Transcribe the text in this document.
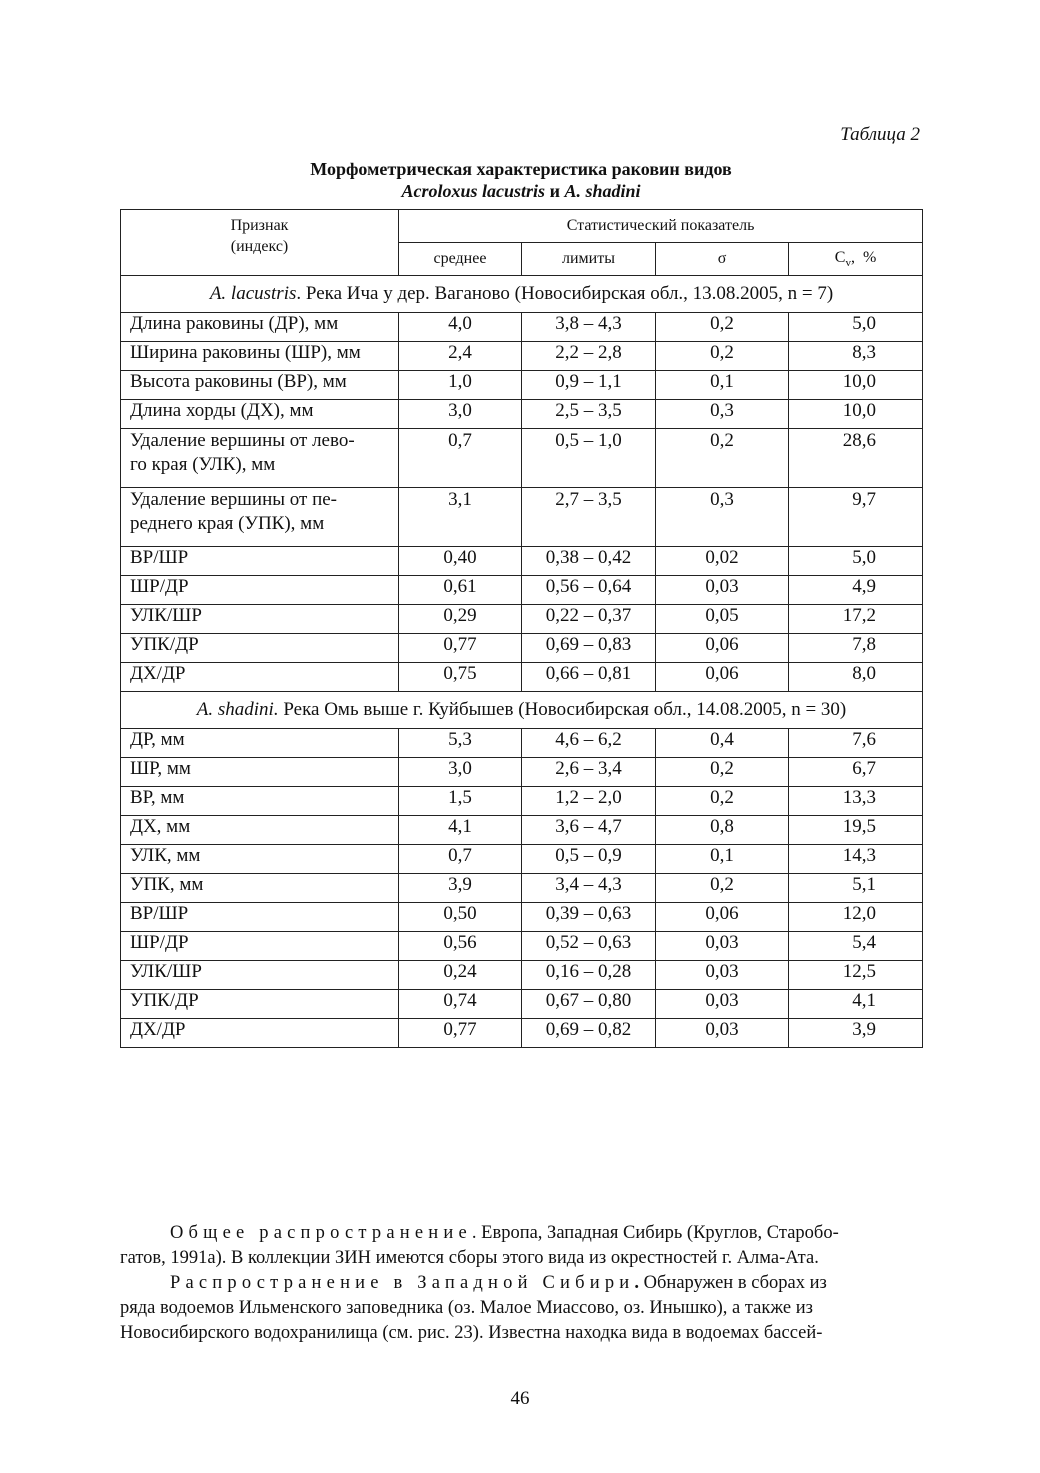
Таблица 2
Морфометрическая характеристика раковин видов
Acroloxus lacustris и A. shadini
Признак
(индекс)	Статистический показатель			
	среднее	лимиты	σ	$C_v$,  %
A. lacustris. Река Ича у дер. Ваганово (Новосибирская обл., 13.08.2005, n = 7)				
Длина раковины (ДР), мм	4,0	3,8 – 4,3	0,2	5,0
Ширина раковины (ШР), мм	2,4	2,2 – 2,8	0,2	8,3
Высота раковины (ВР), мм	1,0	0,9 – 1,1	0,1	10,0
Длина хорды (ДХ), мм	3,0	2,5 – 3,5	0,3	10,0

Удаление вершины от лево-
го края (УЛК), мм	0,7	0,5 – 1,0	0,2	28,6

Удаление вершины от пе-
реднего края (УПК), мм	3,1	2,7 – 3,5	0,3	9,7
ВР/ШР	0,40	0,38 – 0,42	0,02	5,0
ШР/ДР	0,61	0,56 – 0,64	0,03	4,9
УЛК/ШР	0,29	0,22 – 0,37	0,05	17,2
УПК/ДР	0,77	0,69 – 0,83	0,06	7,8
ДХ/ДР	0,75	0,66 – 0,81	0,06	8,0
A. shadini. Река Омь выше г. Куйбышев (Новосибирская обл., 14.08.2005, n = 30)				
ДР, мм	5,3	4,6 – 6,2	0,4	7,6
ШР, мм	3,0	2,6 – 3,4	0,2	6,7
ВР, мм	1,5	1,2 – 2,0	0,2	13,3
ДХ, мм	4,1	3,6 – 4,7	0,8	19,5
УЛК, мм	0,7	0,5 – 0,9	0,1	14,3
УПК, мм	3,9	3,4 – 4,3	0,2	5,1
ВР/ШР	0,50	0,39 – 0,63	0,06	12,0
ШР/ДР	0,56	0,52 – 0,63	0,03	5,4
УЛК/ШР	0,24	0,16 – 0,28	0,03	12,5
УПК/ДР	0,74	0,67 – 0,80	0,03	4,1
ДХ/ДР	0,77	0,69 – 0,82	0,03	3,9
Общее распространение. Европа, Западная Сибирь (Круглов, Старобо-
гатов, 1991а). В коллекции ЗИН имеются сборы этого вида из окрестностей г. Алма-Ата.
Распространение в Западной Сибири. Обнаружен в сборах из
ряда водоемов Ильменского заповедника (оз. Малое Миассово, оз. Инышко), а также из
Новосибирского водохранилища (см. рис. 23). Известна находка вида в водоемах бассей-
46
